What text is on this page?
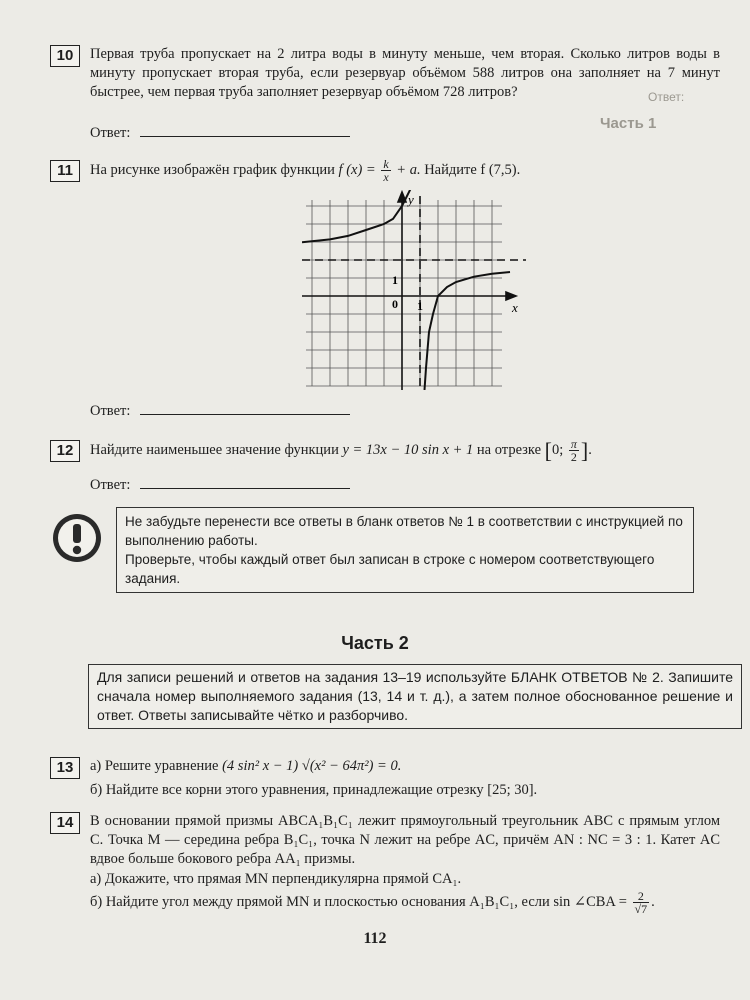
Часть 1
Ответ:
10	Первая труба пропускает на 2 литра воды в минуту меньше, чем вторая. Сколько литров воды в минуту пропускает вторая труба, если резервуар объёмом 588 литров она заполняет на 7 минут быстрее, чем первая труба заполняет резервуар объёмом 728 литров?
Ответ:
11	На рисунке изображён график функции f $(x) = \frac{k}{x} + a$. Найдите f (7,5).
Ответ:
y
x
0
1
1
12	Найдите наименьшее значение функции y = 13x − 10 sin x + 1 на отрезке [0; $\frac{\pi}{2}$ ].
Ответ:
Не забудьте перенести все ответы в бланк ответов № 1 в соответствии с инструкцией по выполнению работы.
Проверьте, чтобы каждый ответ был записан в строке с номером соответствующего задания.
Часть 2
Для записи решений и ответов на задания 13–19 используйте БЛАНК ОТВЕТОВ № 2. Запишите сначала номер выполняемого задания (13, 14 и т. д.), а затем полное обоснованное решение и ответ. Ответы записывайте чётко и разборчиво.
13	а) Решите уравнение (4 sin² x − 1) √(x² − 64π²) = 0.
б) Найдите все корни этого уравнения, принадлежащие отрезку [25; 30].
14	В основании прямой призмы ABCA₁B₁C₁ лежит прямоугольный треугольник ABC с прямым углом C. Точка M — середина ребра B₁C₁, точка N лежит на ребре AC, причём AN : NC = 3 : 1. Катет AC вдвое больше бокового ребра AA₁ призмы.
а) Докажите, что прямая MN перпендикулярна прямой CA₁.
б) Найдите угол между прямой MN и плоскостью основания A₁B₁C₁, если sin ∠CBA = $\frac{2}{√7}$ .
112
